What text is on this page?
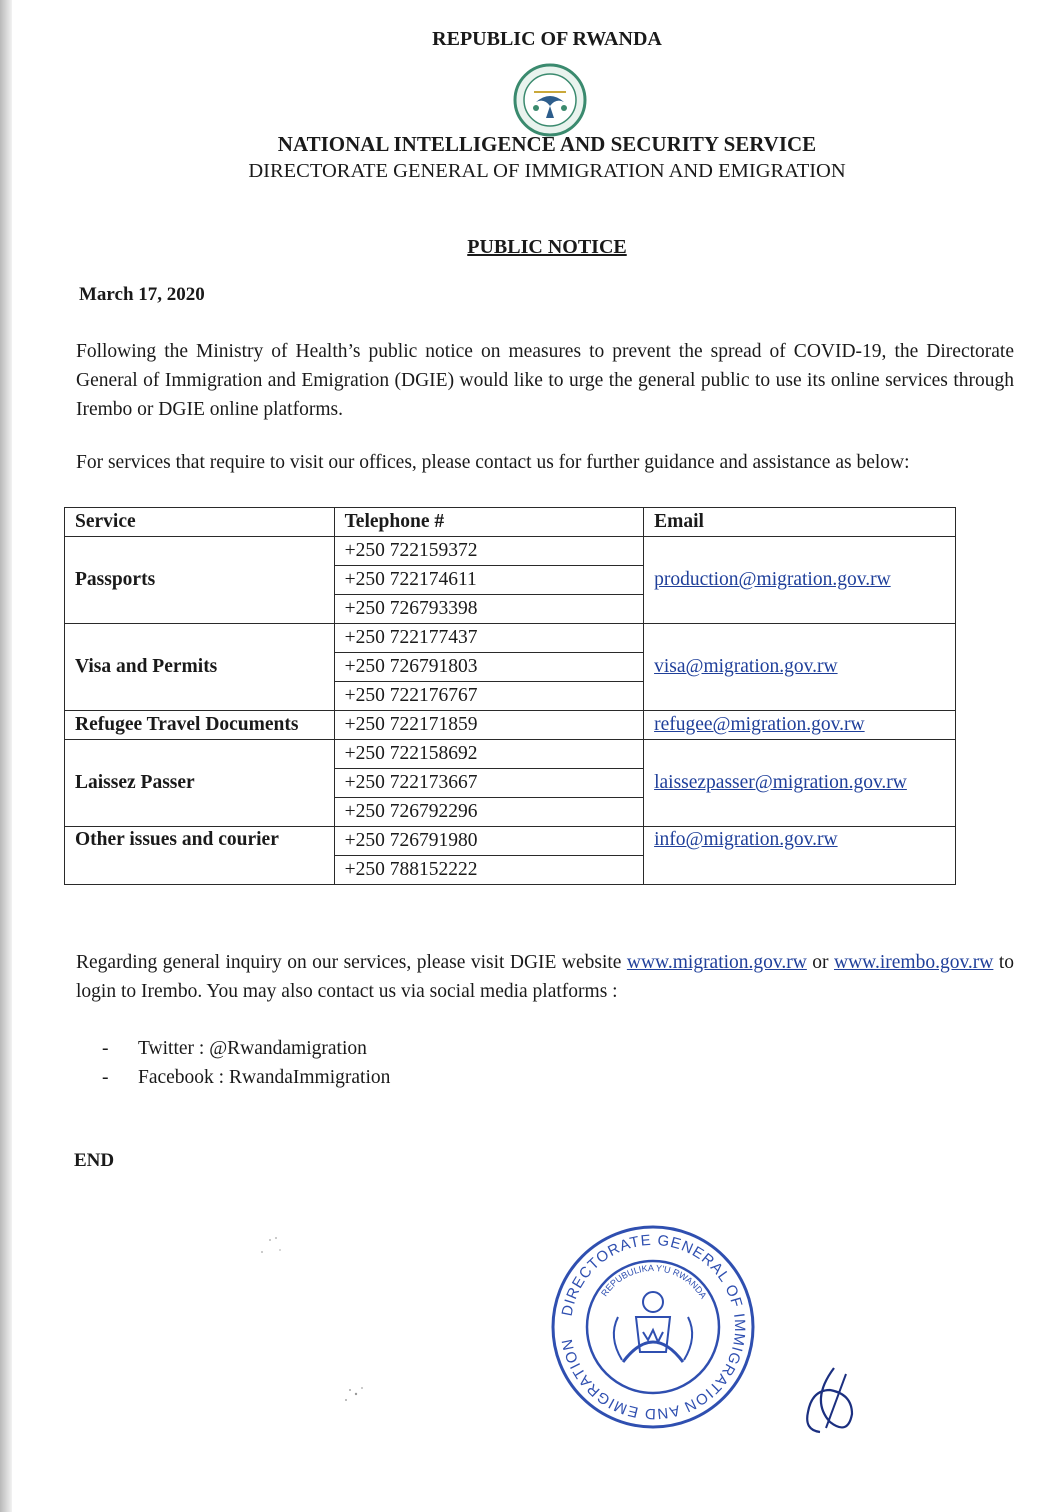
REPUBLIC OF RWANDA
NATIONAL INTELLIGENCE AND SECURITY SERVICE
DIRECTORATE GENERAL OF IMMIGRATION AND EMIGRATION
PUBLIC NOTICE
March 17, 2020
Following the Ministry of Health’s public notice on measures to prevent the spread of COVID-19, the Directorate General of Immigration and Emigration (DGIE) would like to urge the general public to use its online services through Irembo or DGIE online platforms.
For services that require to visit our offices, please contact us for further guidance and assistance as below:
Service	Telephone #	Email
Passports	+250 722159372	production@migration.gov.rw
	+250 722174611	
	+250 726793398	
Visa and Permits	+250 722177437	visa@migration.gov.rw
	+250 726791803	
	+250 722176767	
Refugee Travel Documents	+250 722171859	refugee@migration.gov.rw
Laissez Passer	+250 722158692	laissezpasser@migration.gov.rw
	+250 722173667	
	+250 726792296	
Other issues and courier	+250 726791980	info@migration.gov.rw
	+250 788152222	
Regarding general inquiry on our services, please visit DGIE website www.migration.gov.rw or www.irembo.gov.rw to login to Irembo. You may also contact us via social media platforms :
- Twitter : @Rwandamigration
- Facebook : RwandaImmigration
END
DIRECTORATE GENERAL OF IMMIGRATION AND EMIGRATION
REPUBULIKA Y'U RWANDA
